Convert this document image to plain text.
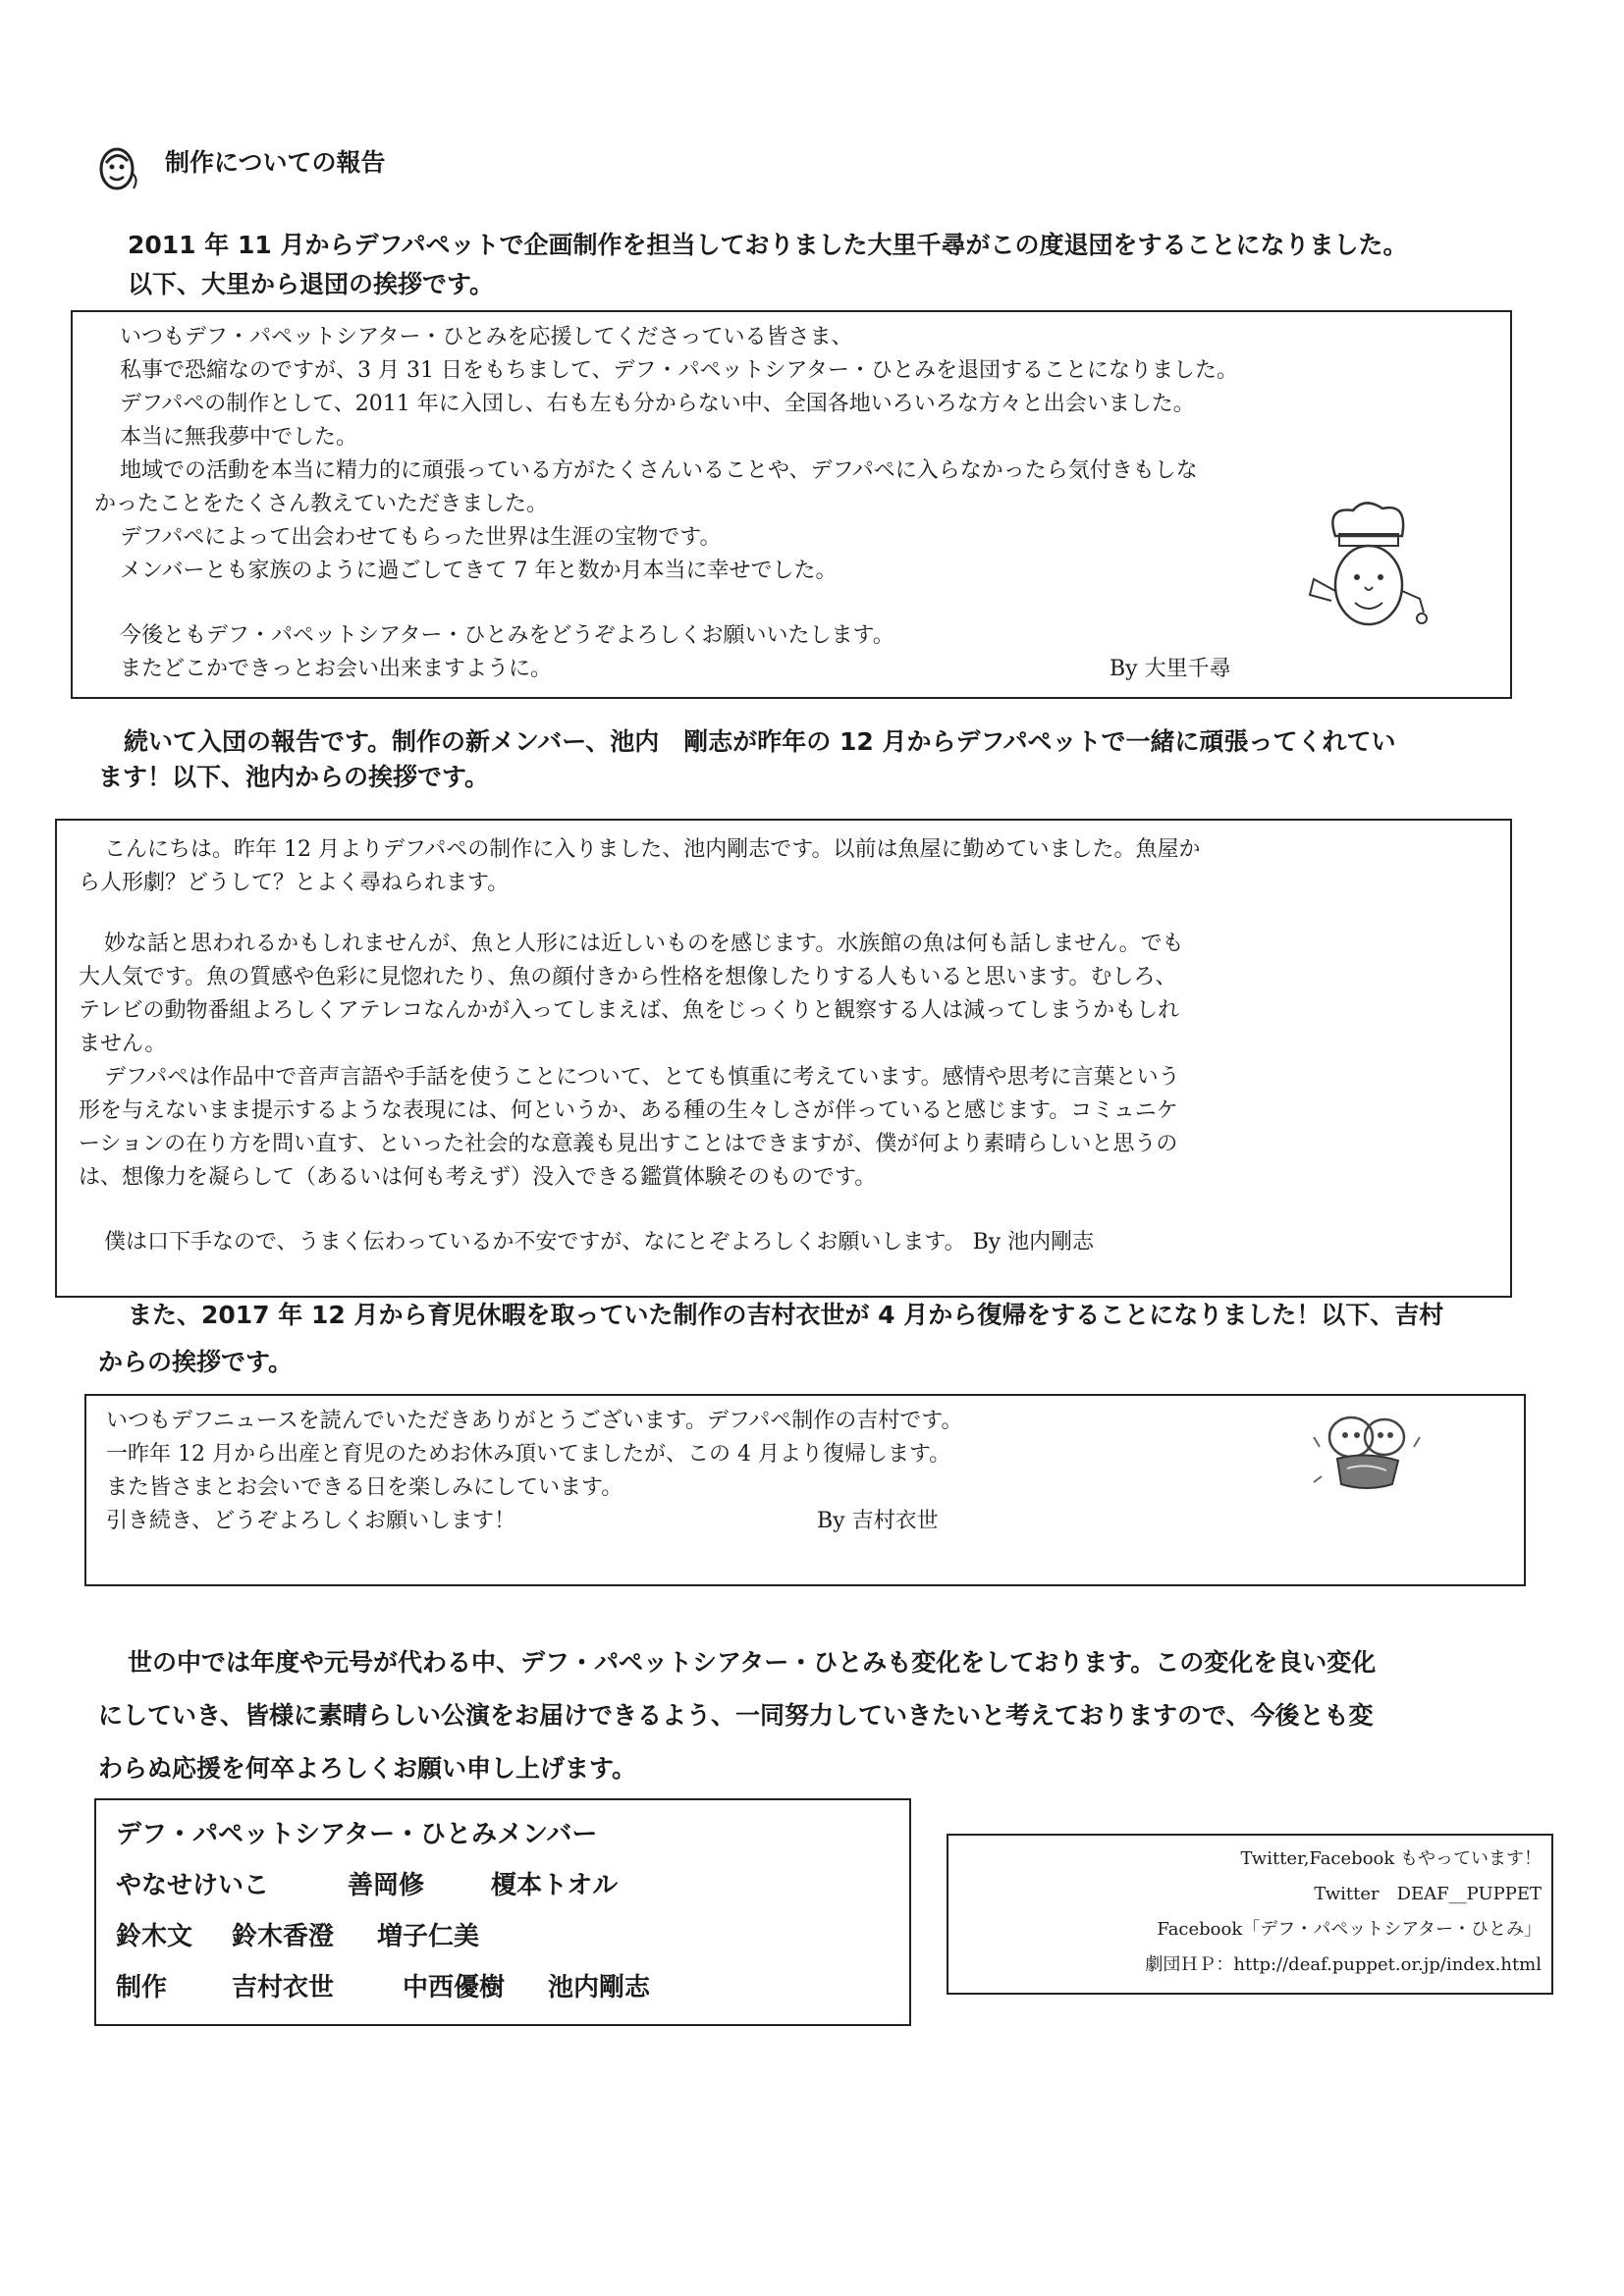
制作についての報告
2011 年 11 月からデフパペットで企画制作を担当しておりました大里千尋がこの度退団をすることになりました。
以下、大里から退団の挨拶です。
いつもデフ・パペットシアター・ひとみを応援してくださっている皆さま、
私事で恐縮なのですが、3 月 31 日をもちまして、デフ・パペットシアター・ひとみを退団することになりました。
デフパペの制作として、2011 年に入団し、右も左も分からない中、全国各地いろいろな方々と出会いました。
本当に無我夢中でした。
地域での活動を本当に精力的に頑張っている方がたくさんいることや、デフパペに入らなかったら気付きもしな
かったことをたくさん教えていただきました。
デフパペによって出会わせてもらった世界は生涯の宝物です。
メンバーとも家族のように過ごしてきて 7 年と数か月本当に幸せでした。
今後ともデフ・パペットシアター・ひとみをどうぞよろしくお願いいたします。
またどこかできっとお会い出来ますように。	By 大里千尋
続いて入団の報告です。制作の新メンバー、池内　剛志が昨年の 12 月からデフパペットで一緒に頑張ってくれてい
ます！以下、池内からの挨拶です。
こんにちは。昨年 12 月よりデフパペの制作に入りました、池内剛志です。以前は魚屋に勤めていました。魚屋か
ら人形劇？どうして？とよく尋ねられます。
妙な話と思われるかもしれませんが、魚と人形には近しいものを感じます。水族館の魚は何も話しません。でも
大人気です。魚の質感や色彩に見惚れたり、魚の顔付きから性格を想像したりする人もいると思います。むしろ、
テレビの動物番組よろしくアテレコなんかが入ってしまえば、魚をじっくりと観察する人は減ってしまうかもしれ
ません。
デフパペは作品中で音声言語や手話を使うことについて、とても慎重に考えています。感情や思考に言葉という
形を与えないまま提示するような表現には、何というか、ある種の生々しさが伴っていると感じます。コミュニケ
ーションの在り方を問い直す、といった社会的な意義も見出すことはできますが、僕が何より素晴らしいと思うの
は、想像力を凝らして（あるいは何も考えず）没入できる鑑賞体験そのものです。
僕は口下手なので、うまく伝わっているか不安ですが、なにとぞよろしくお願いします。 By 池内剛志
また、2017 年 12 月から育児休暇を取っていた制作の吉村衣世が 4 月から復帰をすることになりました！以下、吉村
からの挨拶です。
いつもデフニュースを読んでいただきありがとうございます。デフパペ制作の吉村です。
一昨年 12 月から出産と育児のためお休み頂いてましたが、この 4 月より復帰します。
また皆さまとお会いできる日を楽しみにしています。
引き続き、どうぞよろしくお願いします！	By 吉村衣世
世の中では年度や元号が代わる中、デフ・パペットシアター・ひとみも変化をしております。この変化を良い変化
にしていき、皆様に素晴らしい公演をお届けできるよう、一同努力していきたいと考えておりますので、今後とも変
わらぬ応援を何卒よろしくお願い申し上げます。
デフ・パペットシアター・ひとみメンバー
やなせけいこ	善岡修	榎本トオル
鈴木文 鈴木香澄 増子仁美
制作	吉村衣世	中西優樹 池内剛志
Twitter,Facebook もやっています！
Twitter　DEAF__PUPPET
Facebook「デフ・パペットシアター・ひとみ」
劇団ＨＰ：http://deaf.puppet.or.jp/index.html
